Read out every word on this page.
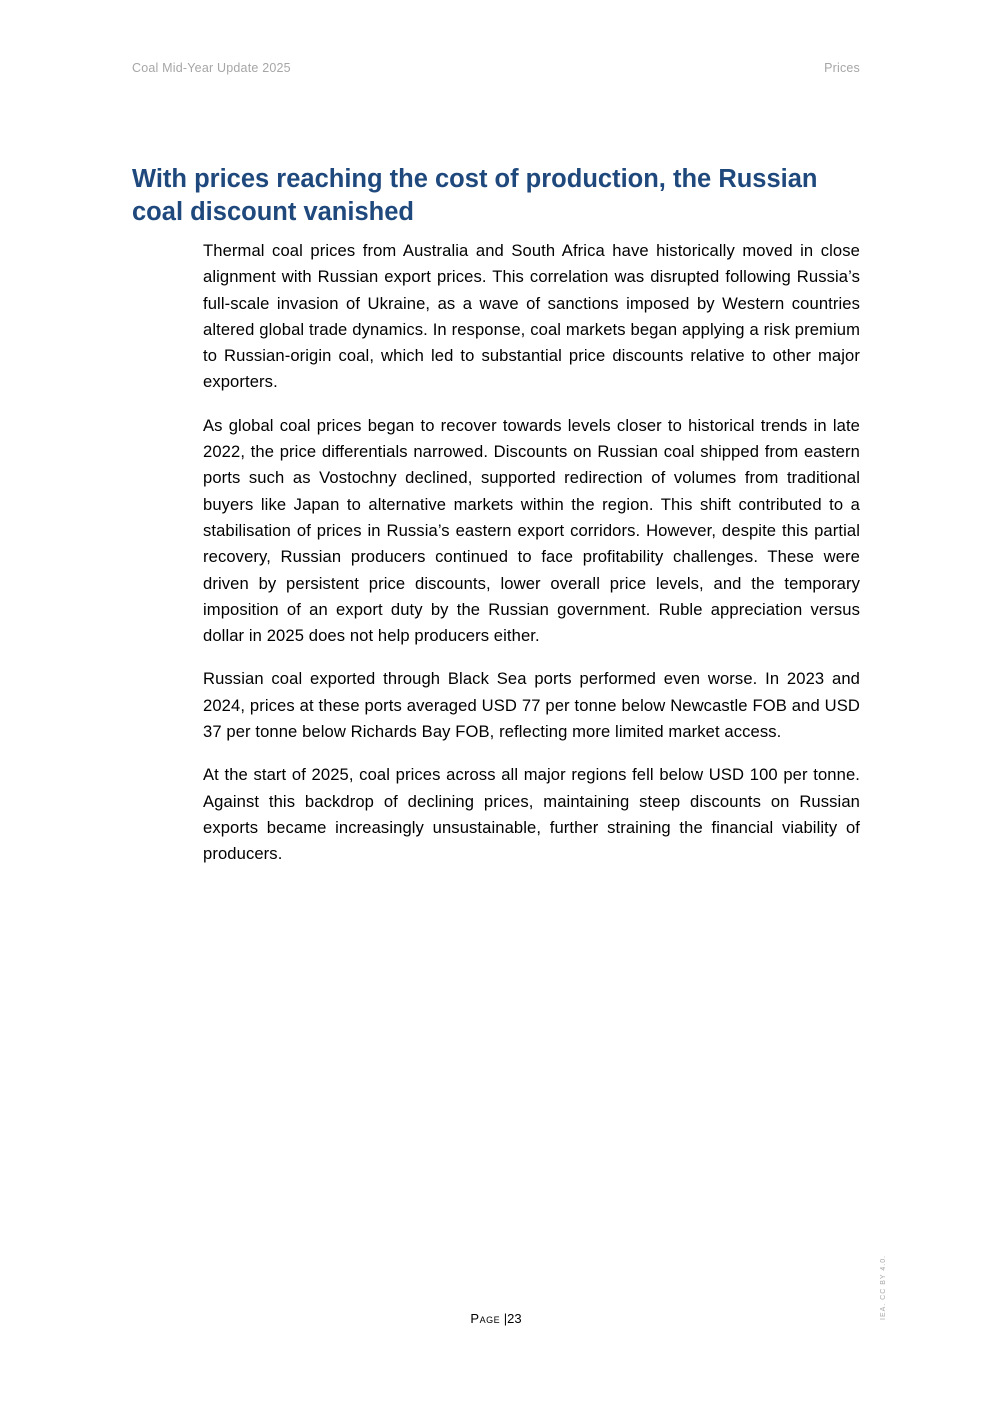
Coal Mid-Year Update 2025	Prices
With prices reaching the cost of production, the Russian coal discount vanished

Thermal coal prices from Australia and South Africa have historically moved in close alignment with Russian export prices. This correlation was disrupted following Russia’s full-scale invasion of Ukraine, as a wave of sanctions imposed by Western countries altered global trade dynamics. In response, coal markets began applying a risk premium to Russian-origin coal, which led to substantial price discounts relative to other major exporters.

As global coal prices began to recover towards levels closer to historical trends in late 2022, the price differentials narrowed. Discounts on Russian coal shipped from eastern ports such as Vostochny declined, supported redirection of volumes from traditional buyers like Japan to alternative markets within the region. This shift contributed to a stabilisation of prices in Russia’s eastern export corridors. However, despite this partial recovery, Russian producers continued to face profitability challenges. These were driven by persistent price discounts, lower overall price levels, and the temporary imposition of an export duty by the Russian government. Ruble appreciation versus dollar in 2025 does not help producers either.

Russian coal exported through Black Sea ports performed even worse. In 2023 and 2024, prices at these ports averaged USD 77 per tonne below Newcastle FOB and USD 37 per tonne below Richards Bay FOB, reflecting more limited market access.

At the start of 2025, coal prices across all major regions fell below USD 100 per tonne. Against this backdrop of declining prices, maintaining steep discounts on Russian exports became increasingly unsustainable, further straining the financial viability of producers.

Page |23	IEA. CC BY 4.0.
